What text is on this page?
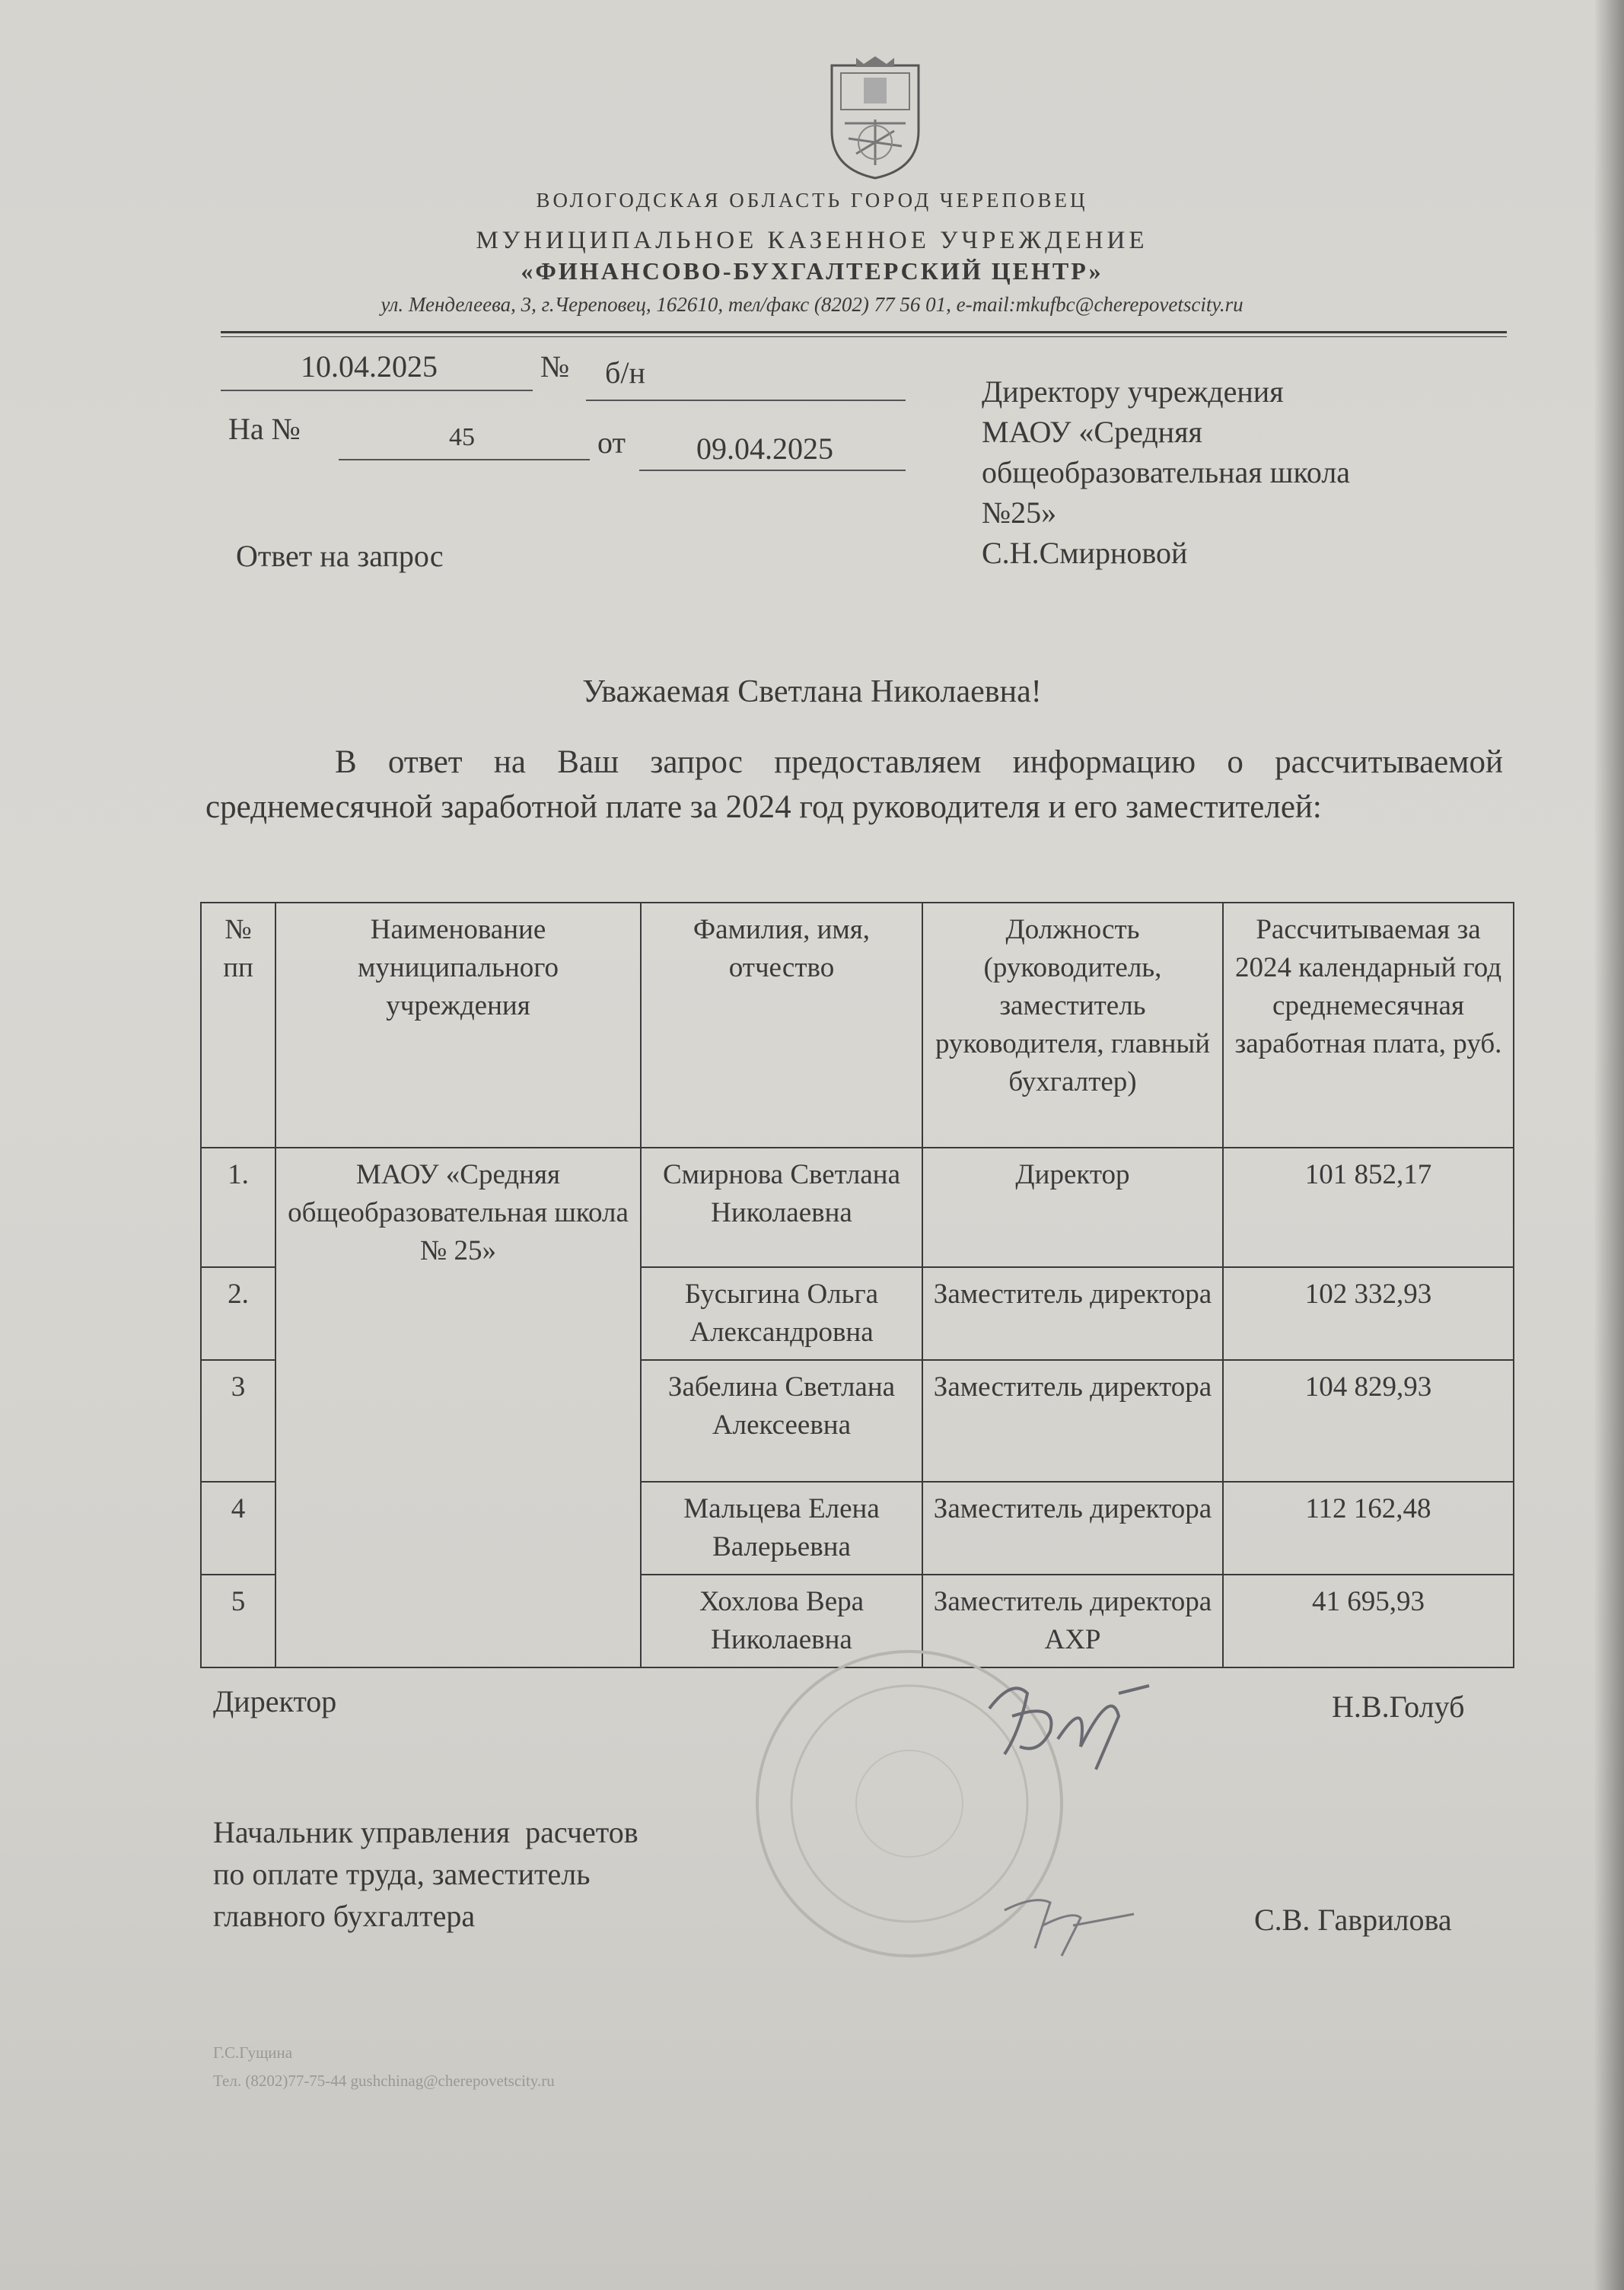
ВОЛОГОДСКАЯ ОБЛАСТЬ ГОРОД ЧЕРЕПОВЕЦ
МУНИЦИПАЛЬНОЕ КАЗЕННОЕ УЧРЕЖДЕНИЕ
«ФИНАНСОВО-БУХГАЛТЕРСКИЙ ЦЕНТР»
ул. Менделеева, 3, г.Череповец, 162610, тел/факс (8202) 77 56 01, e-mail:mkufbc@cherepovetscity.ru
10.04.2025	№ б/н
На №	45	от 09.04.2025
Директору учреждения
МАОУ «Средняя
общеобразовательная школа
№25»
С.Н.Смирновой
Ответ на запрос
Уважаемая Светлана Николаевна!
В ответ на Ваш запрос предоставляем информацию о рассчитываемой среднемесячной заработной плате за 2024 год руководителя и его заместителей:
№ пп	Наименование муниципального учреждения	Фамилия, имя, отчество	Должность (руководитель, заместитель руководителя, главный бухгалтер)	Рассчитываемая за 2024 календарный год среднемесячная заработная плата, руб.
1.	МАОУ «Средняя общеобразовательная школа № 25»	Смирнова Светлана Николаевна	Директор	101 852,17
2.		Бусыгина Ольга Александровна	Заместитель директора	102 332,93
3		Забелина Светлана Алексеевна	Заместитель директора	104 829,93
4		Мальцева Елена Валерьевна	Заместитель директора	112 162,48
5		Хохлова Вера Николаевна	Заместитель директора АХР	41 695,93
Директор	Н.В.Голуб
Начальник управления  расчетов
по оплате труда, заместитель
главного бухгалтера	С.В. Гаврилова
Г.С.Гущина
Тел. (8202)77-75-44 gushchinag@cherepovetscity.ru
